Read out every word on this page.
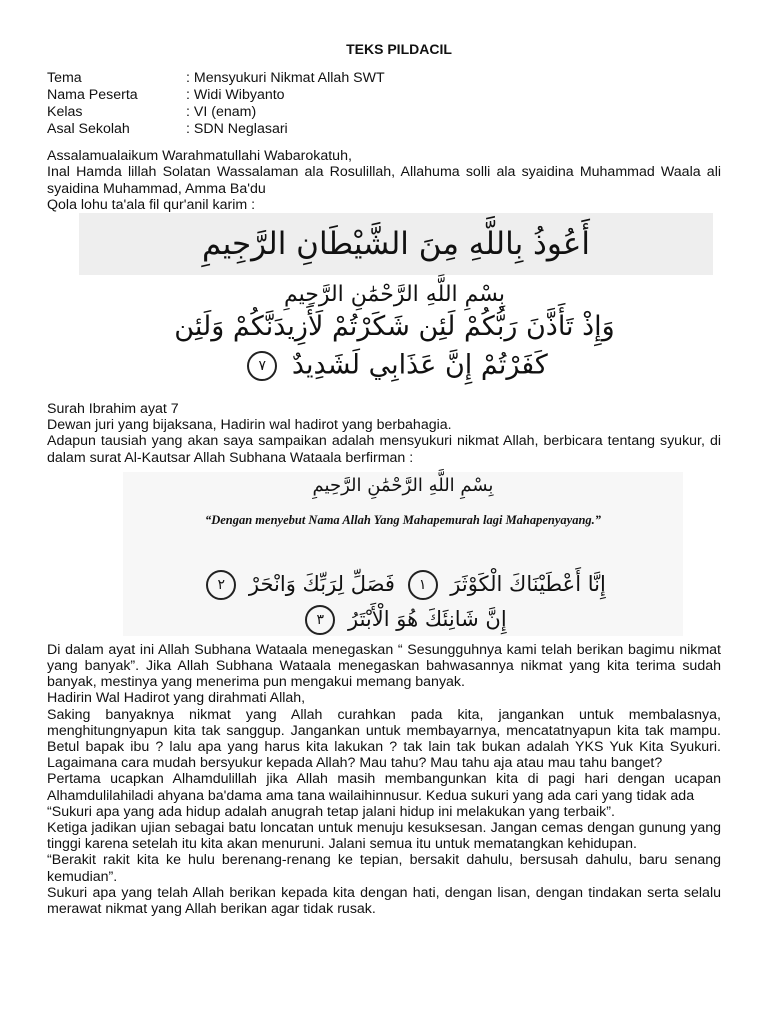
TEKS PILDACIL
Tema	: Mensyukuri Nikmat Allah SWT
Nama Peserta	: Widi Wibyanto
Kelas	: VI (enam)
Asal Sekolah	: SDN Neglasari

Assalamualaikum Warahmatullahi Wabarokatuh,

Inal Hamda lillah Solatan Wassalaman ala Rosulillah, Allahuma solli ala syaidina Muhammad Waala ali syaidina Muhammad, Amma Ba'du

Qola lohu ta'ala fil qur'anil karim :

أَعُوذُ بِاللَّهِ مِنَ الشَّيْطَانِ الرَّجِيمِ
بِسْمِ اللَّهِ الرَّحْمَٰنِ الرَّحِيمِ
وَإِذْ تَأَذَّنَ رَبُّكُمْ لَئِن شَكَرْتُمْ لَأَزِيدَنَّكُمْ وَلَئِن
كَفَرْتُمْ إِنَّ عَذَابِي لَشَدِيدٌ ٧

Surah Ibrahim ayat 7

Dewan juri yang bijaksana, Hadirin wal hadirot yang berbahagia.

Adapun tausiah yang akan saya sampaikan adalah mensyukuri nikmat Allah, berbicara tentang syukur, di dalam surat Al-Kautsar Allah Subhana Wataala berfirman :

بِسْمِ اللَّهِ الرَّحْمَٰنِ الرَّحِيمِ
“Dengan menyebut Nama Allah Yang Mahapemurah lagi Mahapenyayang.”
إِنَّا أَعْطَيْنَاكَ الْكَوْثَرَ ١ فَصَلِّ لِرَبِّكَ وَانْحَرْ ٢
إِنَّ شَانِئَكَ هُوَ الْأَبْتَرُ ٣

Di dalam ayat ini Allah Subhana Wataala menegaskan “ Sesungguhnya kami telah berikan bagimu nikmat yang banyak”. Jika Allah Subhana Wataala menegaskan bahwasannya nikmat yang kita terima sudah banyak, mestinya yang menerima pun mengakui memang banyak.

Hadirin Wal Hadirot yang dirahmati Allah,

Saking banyaknya nikmat yang Allah curahkan pada kita, jangankan untuk membalasnya, menghitungnyapun kita tak sanggup. Jangankan untuk membayarnya, mencatatnyapun kita tak mampu. Betul bapak ibu ? lalu apa yang harus kita lakukan ? tak lain tak bukan adalah YKS Yuk Kita Syukuri. Lagaimana cara mudah bersyukur kepada Allah? Mau tahu? Mau tahu aja atau mau tahu banget?

Pertama ucapkan Alhamdulillah jika Allah masih membangunkan kita di pagi hari dengan ucapan Alhamdulilahiladi ahyana ba'dama ama tana wailaihinnusur. Kedua sukuri yang ada cari yang tidak ada

“Sukuri apa yang ada hidup adalah anugrah tetap jalani hidup ini melakukan yang terbaik”.

Ketiga jadikan ujian sebagai batu loncatan untuk menuju kesuksesan. Jangan cemas dengan gunung yang tinggi karena setelah itu kita akan menuruni. Jalani semua itu untuk mematangkan kehidupan.

“Berakit rakit kita ke hulu berenang-renang ke tepian, bersakit dahulu, bersusah dahulu, baru senang kemudian”.

Sukuri apa yang telah Allah berikan kepada kita dengan hati, dengan lisan, dengan tindakan serta selalu merawat nikmat yang Allah berikan agar tidak rusak.
